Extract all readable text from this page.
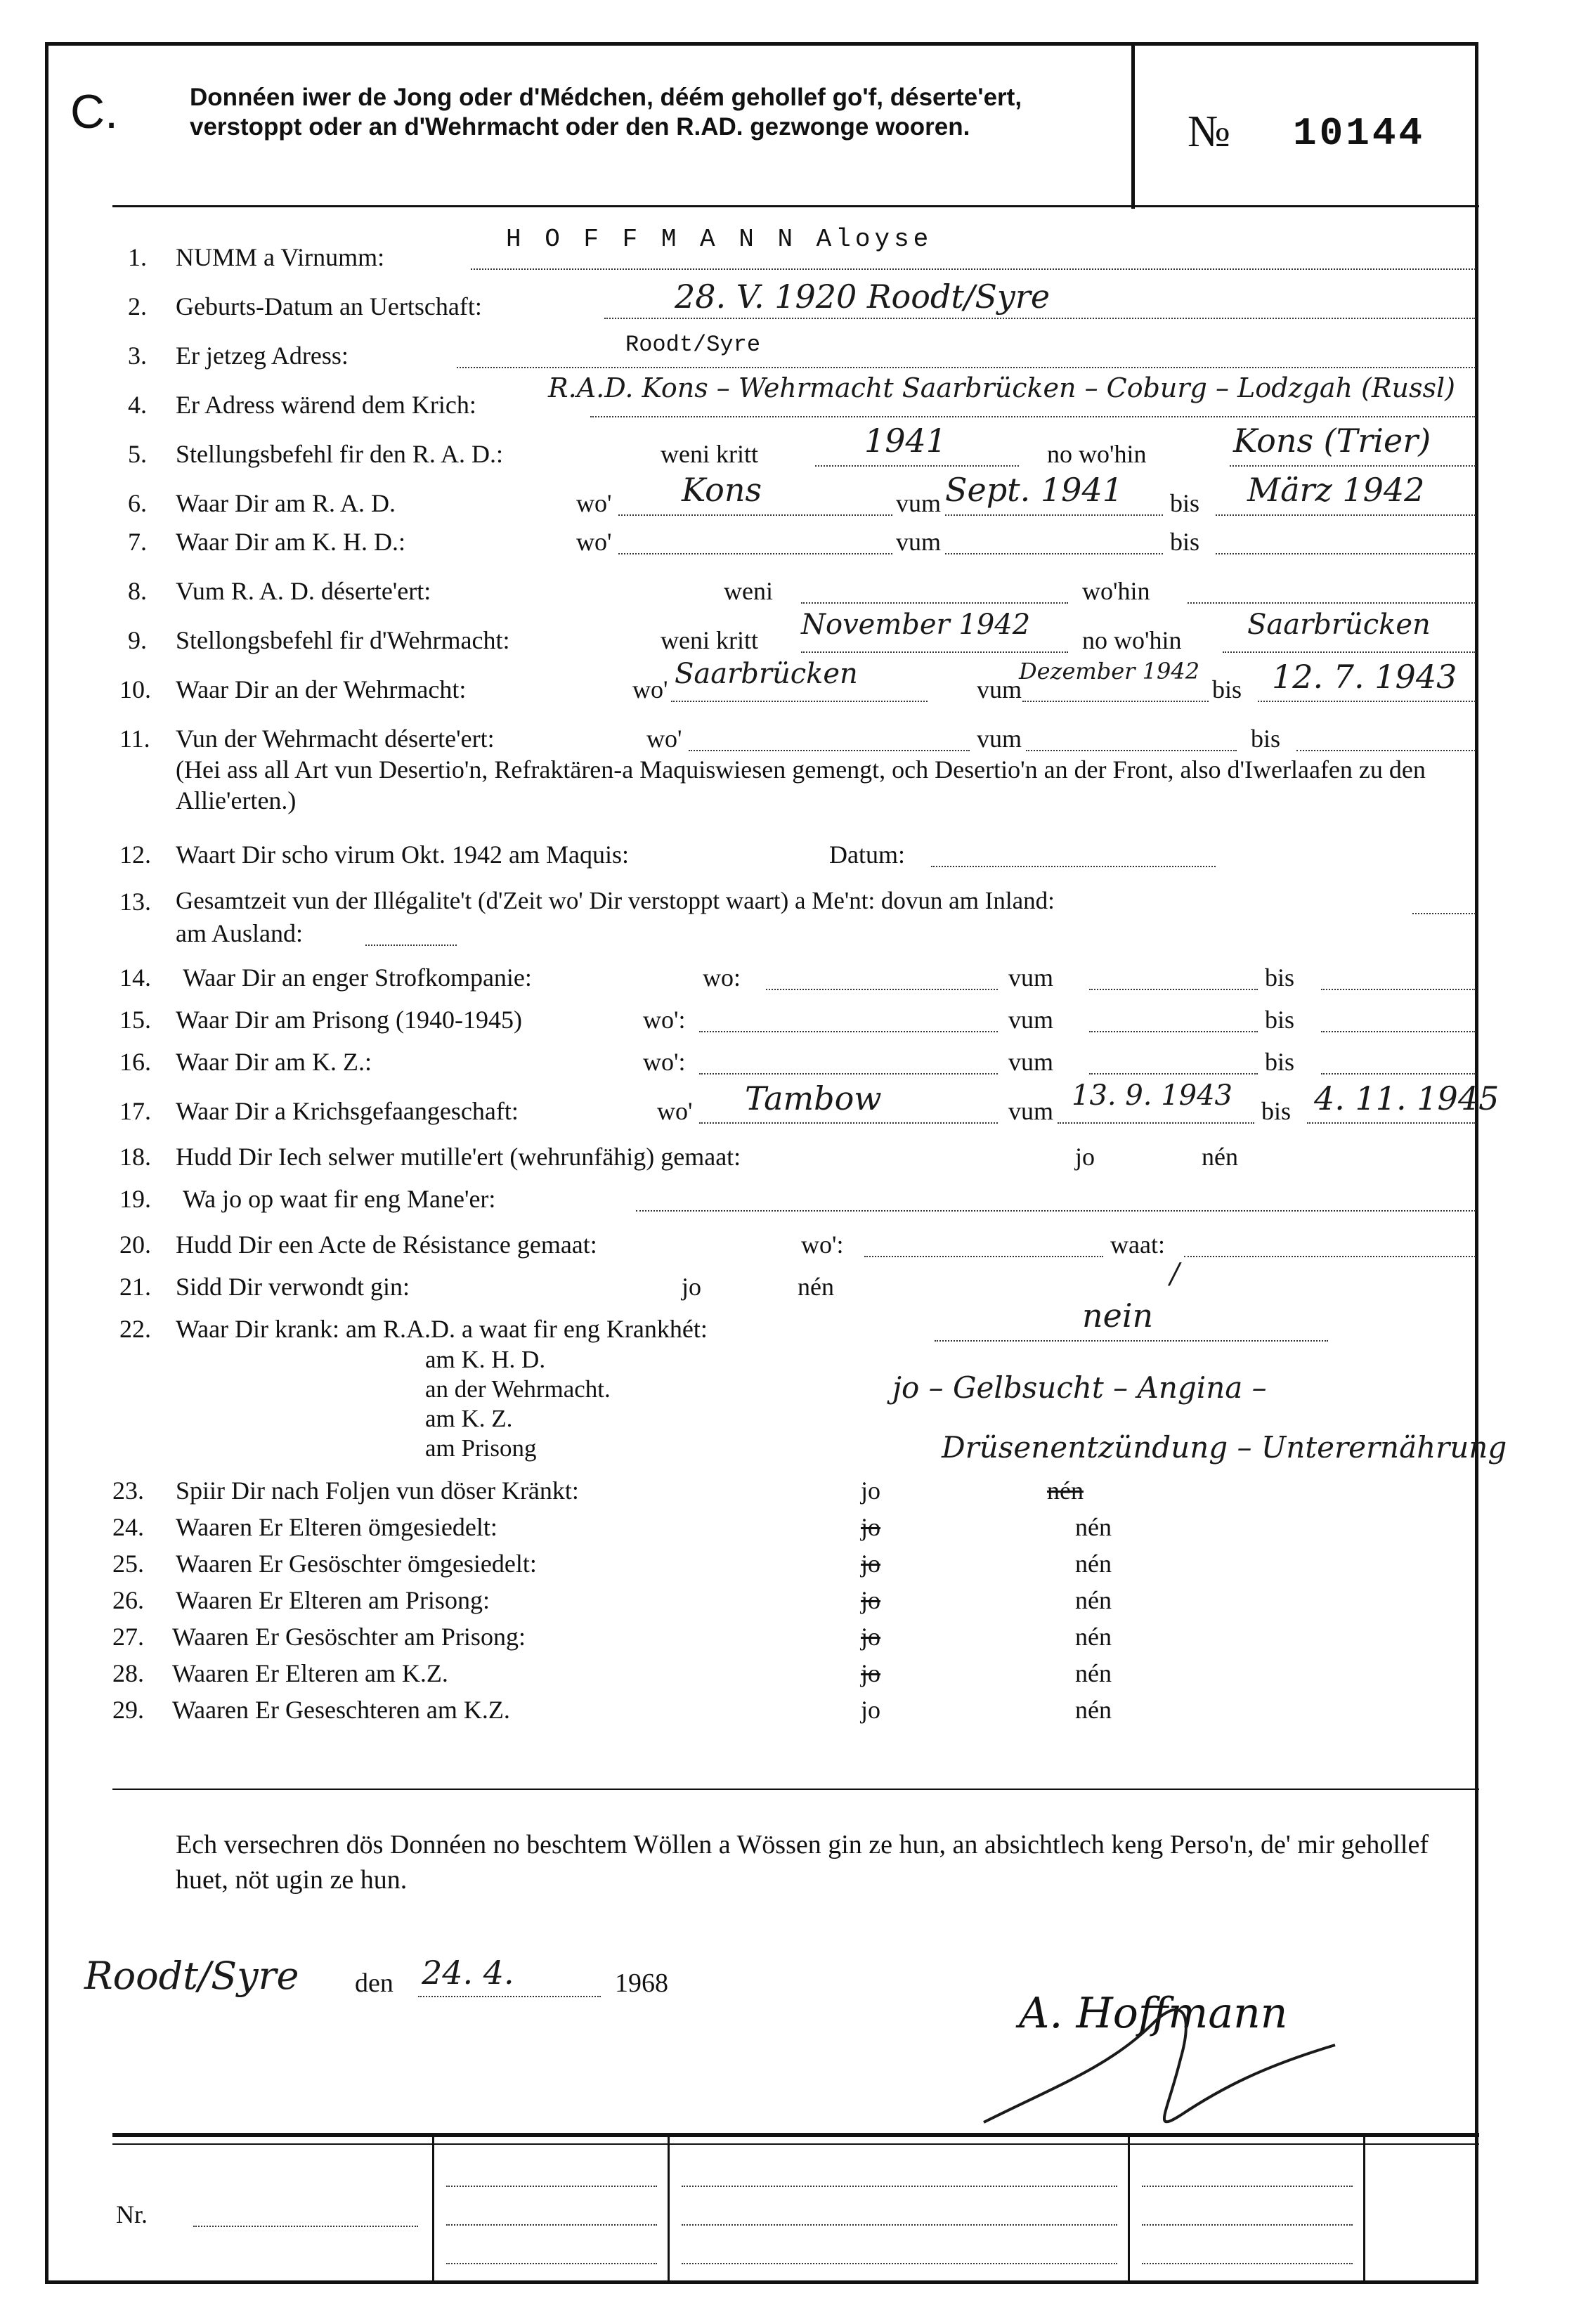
C.	Donnéen iwer de Jong oder d'Médchen, déém gehollef go'f, déserte'ert, verstoppt oder an d'Wehrmacht oder den R.AD. gezwonge wooren.	№ 10144
1. NUMM a Virnumm:
H O F F M A N N Aloyse
2. Geburts-Datum an Uertschaft:	28. V. 1920 Roodt/Syre
3. Er jetzeg Adress:	Roodt/Syre
4. Er Adress wärend dem Krich:
R.A.D. Kons – Wehrmacht Saarbrücken – Coburg – Lodzgah (Russl)
5. Stellungsbefehl fir den R. A. D.:	weni kritt	1941	no wo'hin	Kons (Trier)
6. Waar Dir am R. A. D.	wo' Kons	vum Sept. 1941 bis März 1942
7. Waar Dir am K. H. D.:	wo'	vum	bis
8. Vum R. A. D. déserte'ert:	weni	wo'hin
9. Stellongsbefehl fir d'Wehrmacht:	weni kritt November 1942 no wo'hin Saarbrücken
10. Waar Dir an der Wehrmacht:	wo' Saarbrücken	vum
Dezember 1942
bis 12. 7. 1943
11. Vun der Wehrmacht déserte'ert:	wo'	vum	bis
(Hei ass all Art vun Desertio'n, Refraktären-a Maquiswiesen gemengt, och Desertio'n an der Front, also d'Iwerlaafen zu den Allie'erten.)
12. Waart Dir scho virum Okt. 1942 am Maquis:	Datum:
13. Gesamtzeit vun der Illégalite't (d'Zeit wo' Dir verstoppt waart) a Me'nt: dovun am Inland:
am Ausland:
14. Waar Dir an enger Strofkompanie:	wo:	vum	bis
15. Waar Dir am Prisong (1940-1945)	wo':	vum	bis
16. Waar Dir am K. Z.:	wo':	vum	bis
17. Waar Dir a Krichsgefaangeschaft:	wo' Tambow	vum 13. 9. 1943 bis 4. 11. 1945
18. Hudd Dir Iech selwer mutille'ert (wehrunfähig) gemaat:	jo	nén
19. Wa jo op waat fir eng Mane'er:
20. Hudd Dir een Acte de Résistance gemaat:	wo':	waat:
21. Sidd Dir verwondt gin:	jo	nén	/
22. Waar Dir krank: am R.A.D. a waat fir eng Krankhét:	nein
am K. H. D.
an der Wehrmacht.
am K. Z.
am Prisong
jo – Gelbsucht – Angina –
Drüsenentzündung – Unterernährung
23. Spiir Dir nach Foljen vun döser Kränkt:	jo	nén
24. Waaren Er Elteren ömgesiedelt:	jo	nén
25. Waaren Er Gesöschter ömgesiedelt:	jo	nén
26. Waaren Er Elteren am Prisong:	jo	nén
27. Waaren Er Gesöschter am Prisong:	jo	nén
28. Waaren Er Elteren am K.Z.	jo	nén
29. Waaren Er Geseschteren am K.Z.	jo	nén
Ech versechren dös Donnéen no beschtem Wöllen a Wössen gin ze hun, an absichtlech keng Perso'n, de' mir gehollef huet, nöt ugin ze hun.
Roodt/Syre den 24. 4.	1968
A. Hoffmann
Nr.
